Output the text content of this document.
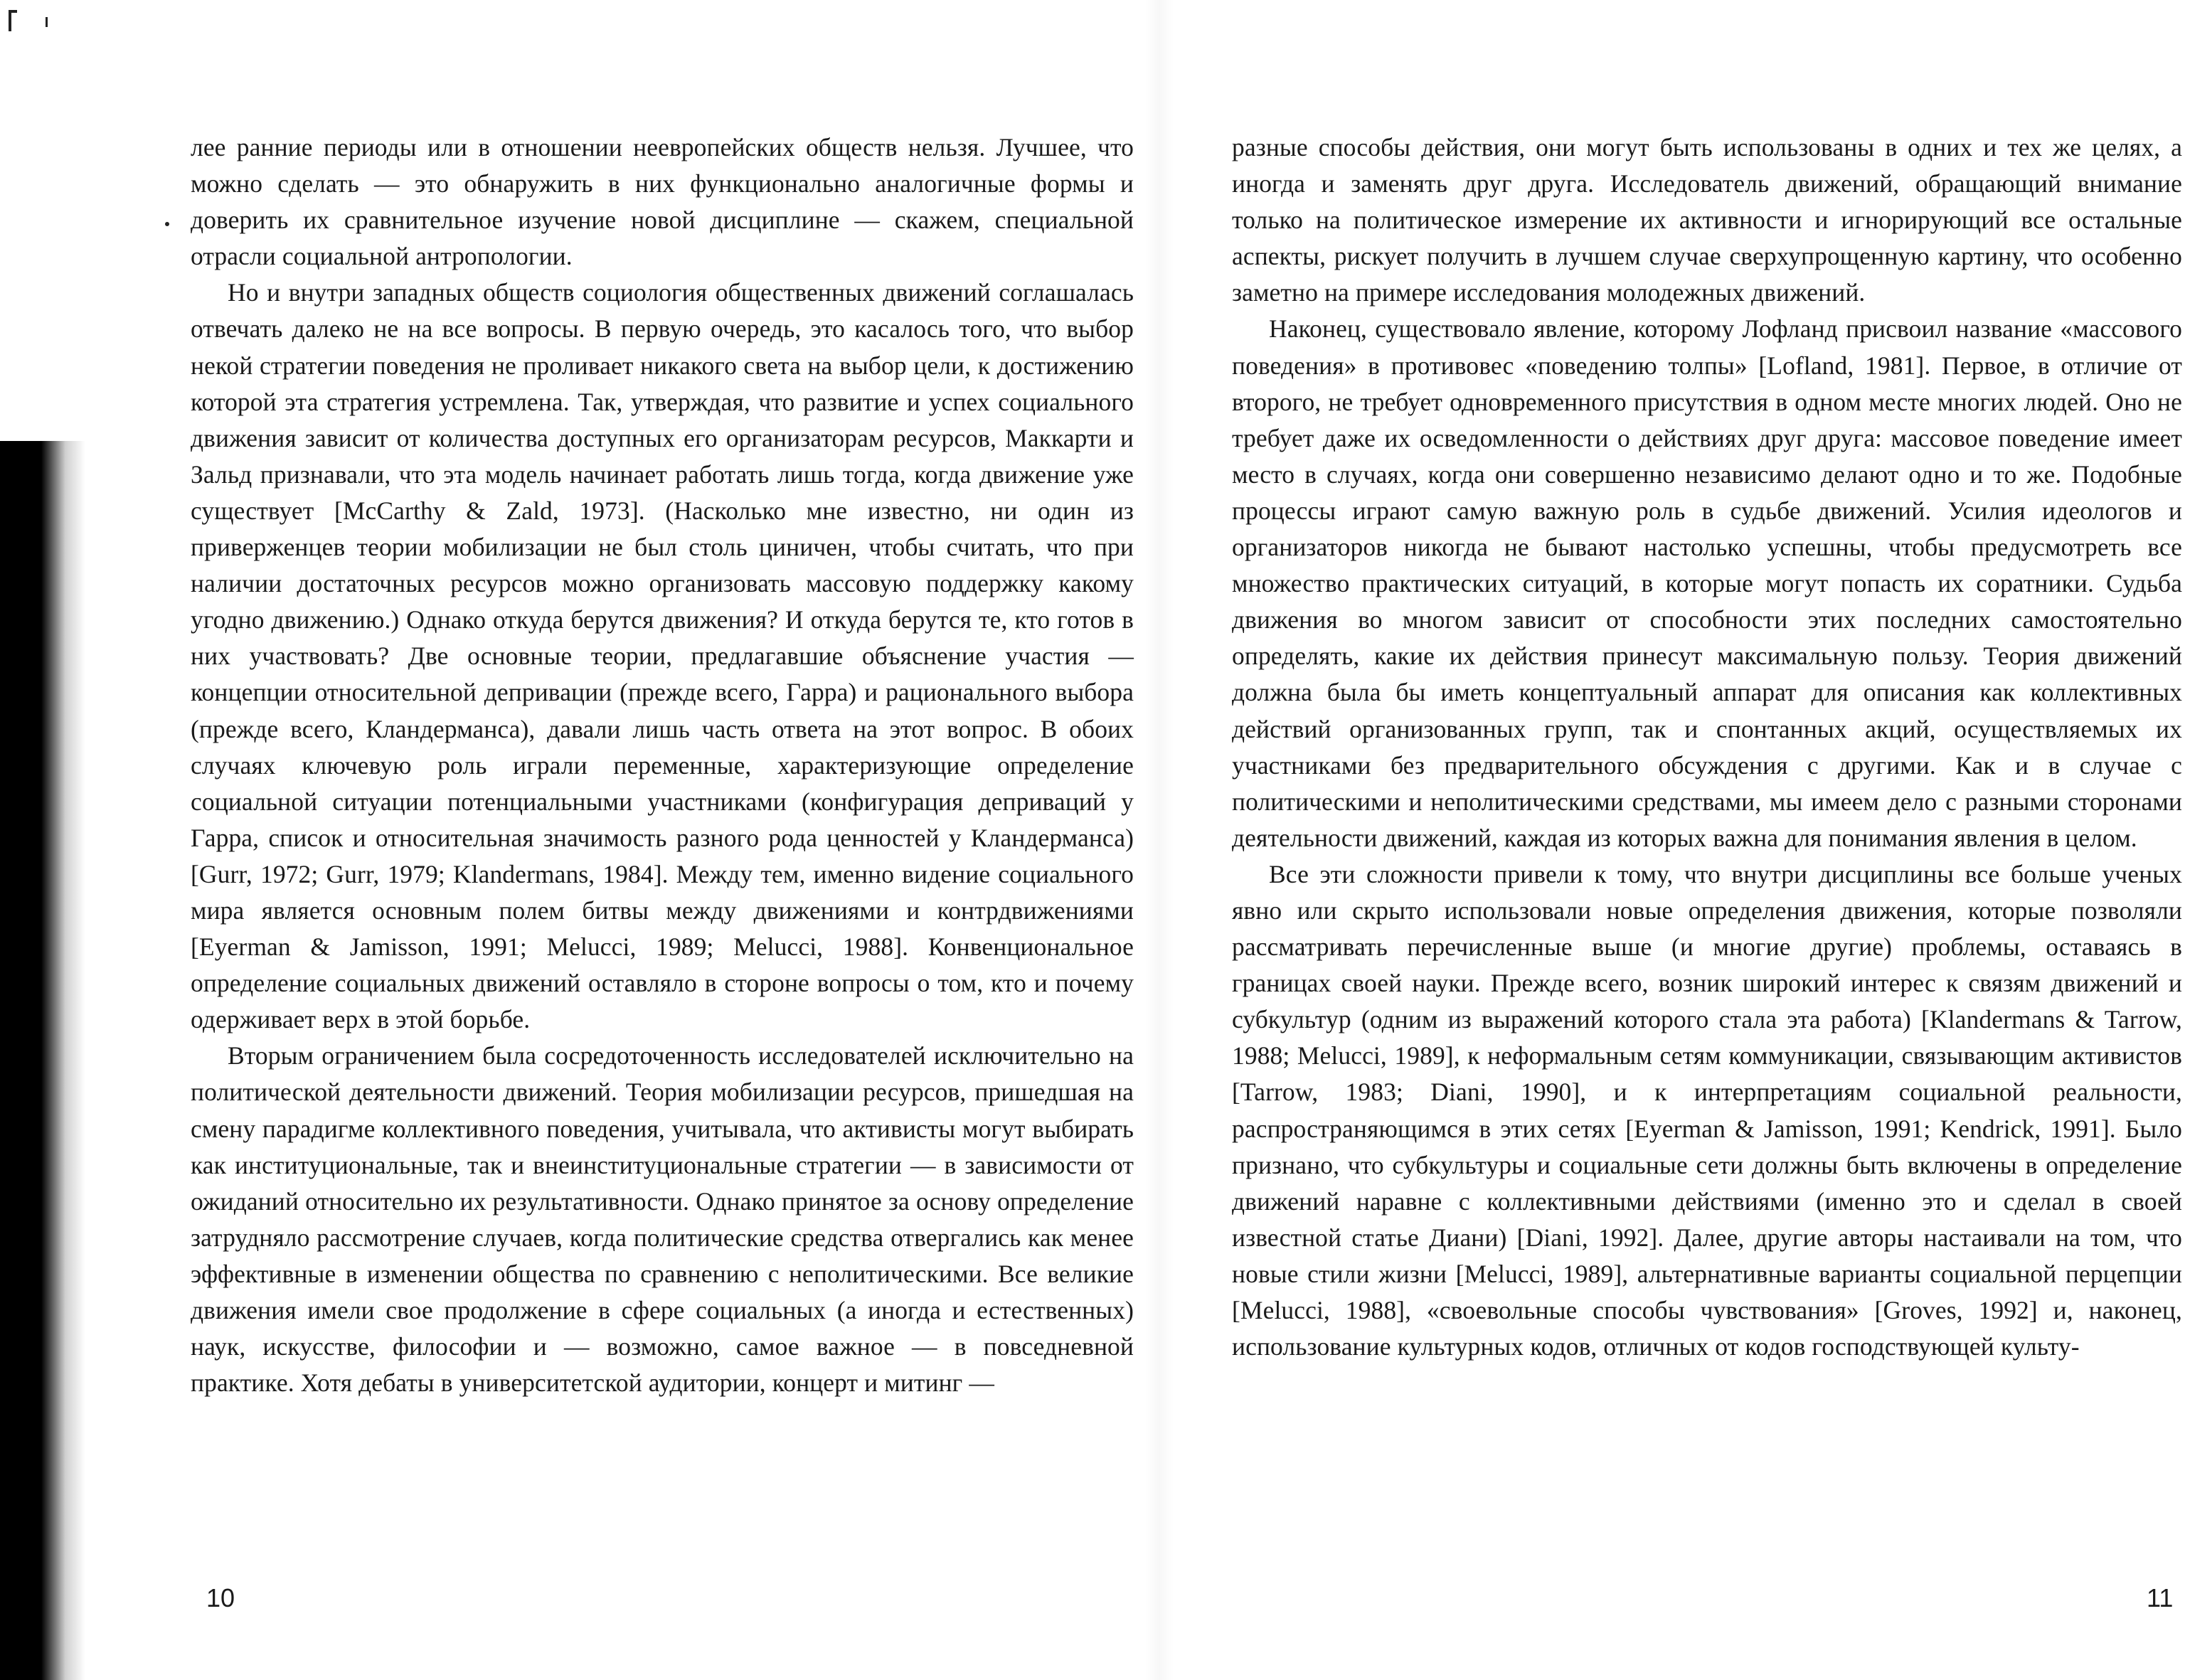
лее ранние периоды или в отношении неевропейских обществ нельзя. Лучшее, что можно сделать — это обнаружить в них функционально аналогичные формы и доверить их сравнительное изучение новой дисциплине — скажем, специальной отрасли социальной антропологии.

Но и внутри западных обществ социология общественных движений соглашалась отвечать далеко не на все вопросы. В первую очередь, это касалось того, что выбор некой стратегии поведения не проливает никакого света на выбор цели, к достижению которой эта стратегия устремлена. Так, утверждая, что развитие и успех социального движения зависит от количества доступных его организаторам ресурсов, Маккарти и Зальд признавали, что эта модель начинает работать лишь тогда, когда движение уже существует [McCarthy & Zald, 1973]. (Насколько мне известно, ни один из приверженцев теории мобилизации не был столь циничен, чтобы считать, что при наличии достаточных ресурсов можно организовать массовую поддержку какому угодно движению.) Однако откуда берутся движения? И откуда берутся те, кто готов в них участвовать? Две основные теории, предлагавшие объяснение участия — концепции относительной депривации (прежде всего, Гарра) и рационального выбора (прежде всего, Кландерманса), давали лишь часть ответа на этот вопрос. В обоих случаях ключевую роль играли переменные, характеризующие определение социальной ситуации потенциальными участниками (конфигурация деприваций у Гарра, список и относительная значимость разного рода ценностей у Кландерманса) [Gurr, 1972; Gurr, 1979; Klandermans, 1984]. Между тем, именно видение социального мира является основным полем битвы между движениями и контрдвижениями [Eyerman & Jamisson, 1991; Melucci, 1989; Melucci, 1988]. Конвенциональное определение социальных движений оставляло в стороне вопросы о том, кто и почему одерживает верх в этой борьбе.

Вторым ограничением была сосредоточенность исследователей исключительно на политической деятельности движений. Теория мобилизации ресурсов, пришедшая на смену парадигме коллективного поведения, учитывала, что активисты могут выбирать как институциональные, так и внеинституциональные стратегии — в зависимости от ожиданий относительно их результативности. Однако принятое за основу определение затрудняло рассмотрение случаев, когда политические средства отвергались как менее эффективные в изменении общества по сравнению с неполитическими. Все великие движения имели свое продолжение в сфере социальных (а иногда и естественных) наук, искусстве, философии и — возможно, самое важное — в повседневной практике. Хотя дебаты в университетской аудитории, концерт и митинг —

10

разные способы действия, они могут быть использованы в одних и тех же целях, а иногда и заменять друг друга. Исследователь движений, обращающий внимание только на политическое измерение их активности и игнорирующий все остальные аспекты, рискует получить в лучшем случае сверхупрощенную картину, что особенно заметно на примере исследования молодежных движений.

Наконец, существовало явление, которому Лофланд присвоил название «массового поведения» в противовес «поведению толпы» [Lofland, 1981]. Первое, в отличие от второго, не требует одновременного присутствия в одном месте многих людей. Оно не требует даже их осведомленности о действиях друг друга: массовое поведение имеет место в случаях, когда они совершенно независимо делают одно и то же. Подобные процессы играют самую важную роль в судьбе движений. Усилия идеологов и организаторов никогда не бывают настолько успешны, чтобы предусмотреть все множество практических ситуаций, в которые могут попасть их соратники. Судьба движения во многом зависит от способности этих последних самостоятельно определять, какие их действия принесут максимальную пользу. Теория движений должна была бы иметь концептуальный аппарат для описания как коллективных действий организованных групп, так и спонтанных акций, осуществляемых их участниками без предварительного обсуждения с другими. Как и в случае с политическими и неполитическими средствами, мы имеем дело с разными сторонами деятельности движений, каждая из которых важна для понимания явления в целом.

Все эти сложности привели к тому, что внутри дисциплины все больше ученых явно или скрыто использовали новые определения движения, которые позволяли рассматривать перечисленные выше (и многие другие) проблемы, оставаясь в границах своей науки. Прежде всего, возник широкий интерес к связям движений и субкультур (одним из выражений которого стала эта работа) [Klandermans & Tarrow, 1988; Melucci, 1989], к неформальным сетям коммуникации, связывающим активистов [Tarrow, 1983; Diani, 1990], и к интерпретациям социальной реальности, распространяющимся в этих сетях [Eyerman & Jamisson, 1991; Kendrick, 1991]. Было признано, что субкультуры и социальные сети должны быть включены в определение движений наравне с коллективными действиями (именно это и сделал в своей известной статье Диани) [Diani, 1992]. Далее, другие авторы настаивали на том, что новые стили жизни [Melucci, 1989], альтернативные варианты социальной перцепции [Melucci, 1988], «своевольные способы чувствования» [Groves, 1992] и, наконец, использование культурных кодов, отличных от кодов господствующей культу-

11
